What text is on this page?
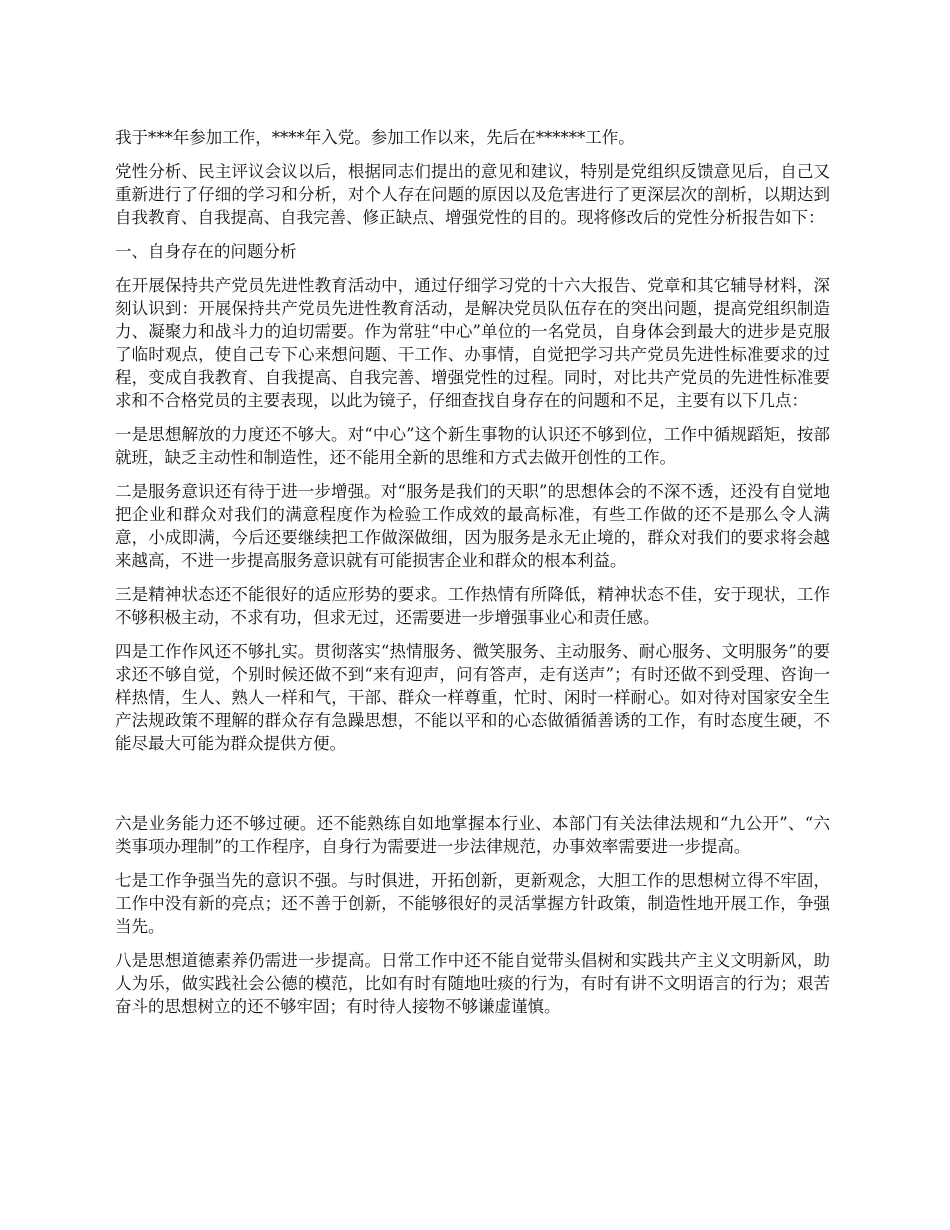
我于***年参加工作，****年入党。参加工作以来，先后在******工作。

党性分析、民主评议会议以后，根据同志们提出的意见和建议，特别是党组织反馈意见后，自己又重新进行了仔细的学习和分析，对个人存在问题的原因以及危害进行了更深层次的剖析，以期达到自我教育、自我提高、自我完善、修正缺点、增强党性的目的。现将修改后的党性分析报告如下：

一、自身存在的问题分析

在开展保持共产党员先进性教育活动中，通过仔细学习党的十六大报告、党章和其它辅导材料，深刻认识到：开展保持共产党员先进性教育活动，是解决党员队伍存在的突出问题，提高党组织制造力、凝聚力和战斗力的迫切需要。作为常驻“中心”单位的一名党员，自身体会到最大的进步是克服了临时观点，使自己专下心来想问题、干工作、办事情，自觉把学习共产党员先进性标准要求的过程，变成自我教育、自我提高、自我完善、增强党性的过程。同时，对比共产党员的先进性标准要求和不合格党员的主要表现，以此为镜子，仔细查找自身存在的问题和不足，主要有以下几点：

一是思想解放的力度还不够大。对“中心”这个新生事物的认识还不够到位，工作中循规蹈矩，按部就班，缺乏主动性和制造性，还不能用全新的思维和方式去做开创性的工作。

二是服务意识还有待于进一步增强。对“服务是我们的天职”的思想体会的不深不透，还没有自觉地把企业和群众对我们的满意程度作为检验工作成效的最高标准，有些工作做的还不是那么令人满意，小成即满，今后还要继续把工作做深做细，因为服务是永无止境的，群众对我们的要求将会越来越高，不进一步提高服务意识就有可能损害企业和群众的根本利益。

三是精神状态还不能很好的适应形势的要求。工作热情有所降低，精神状态不佳，安于现状，工作不够积极主动，不求有功，但求无过，还需要进一步增强事业心和责任感。

四是工作作风还不够扎实。贯彻落实“热情服务、微笑服务、主动服务、耐心服务、文明服务”的要求还不够自觉，个别时候还做不到“来有迎声，问有答声，走有送声”；有时还做不到受理、咨询一样热情，生人、熟人一样和气，干部、群众一样尊重，忙时、闲时一样耐心。如对待对国家安全生产法规政策不理解的群众存有急躁思想，不能以平和的心态做循循善诱的工作，有时态度生硬，不能尽最大可能为群众提供方便。

六是业务能力还不够过硬。还不能熟练自如地掌握本行业、本部门有关法律法规和“九公开”、“六类事项办理制”的工作程序，自身行为需要进一步法律规范，办事效率需要进一步提高。

七是工作争强当先的意识不强。与时俱进，开拓创新，更新观念，大胆工作的思想树立得不牢固，工作中没有新的亮点；还不善于创新，不能够很好的灵活掌握方针政策，制造性地开展工作，争强当先。

八是思想道德素养仍需进一步提高。日常工作中还不能自觉带头倡树和实践共产主义文明新风，助人为乐，做实践社会公德的模范，比如有时有随地吐痰的行为，有时有讲不文明语言的行为；艰苦奋斗的思想树立的还不够牢固；有时待人接物不够谦虚谨慎。
